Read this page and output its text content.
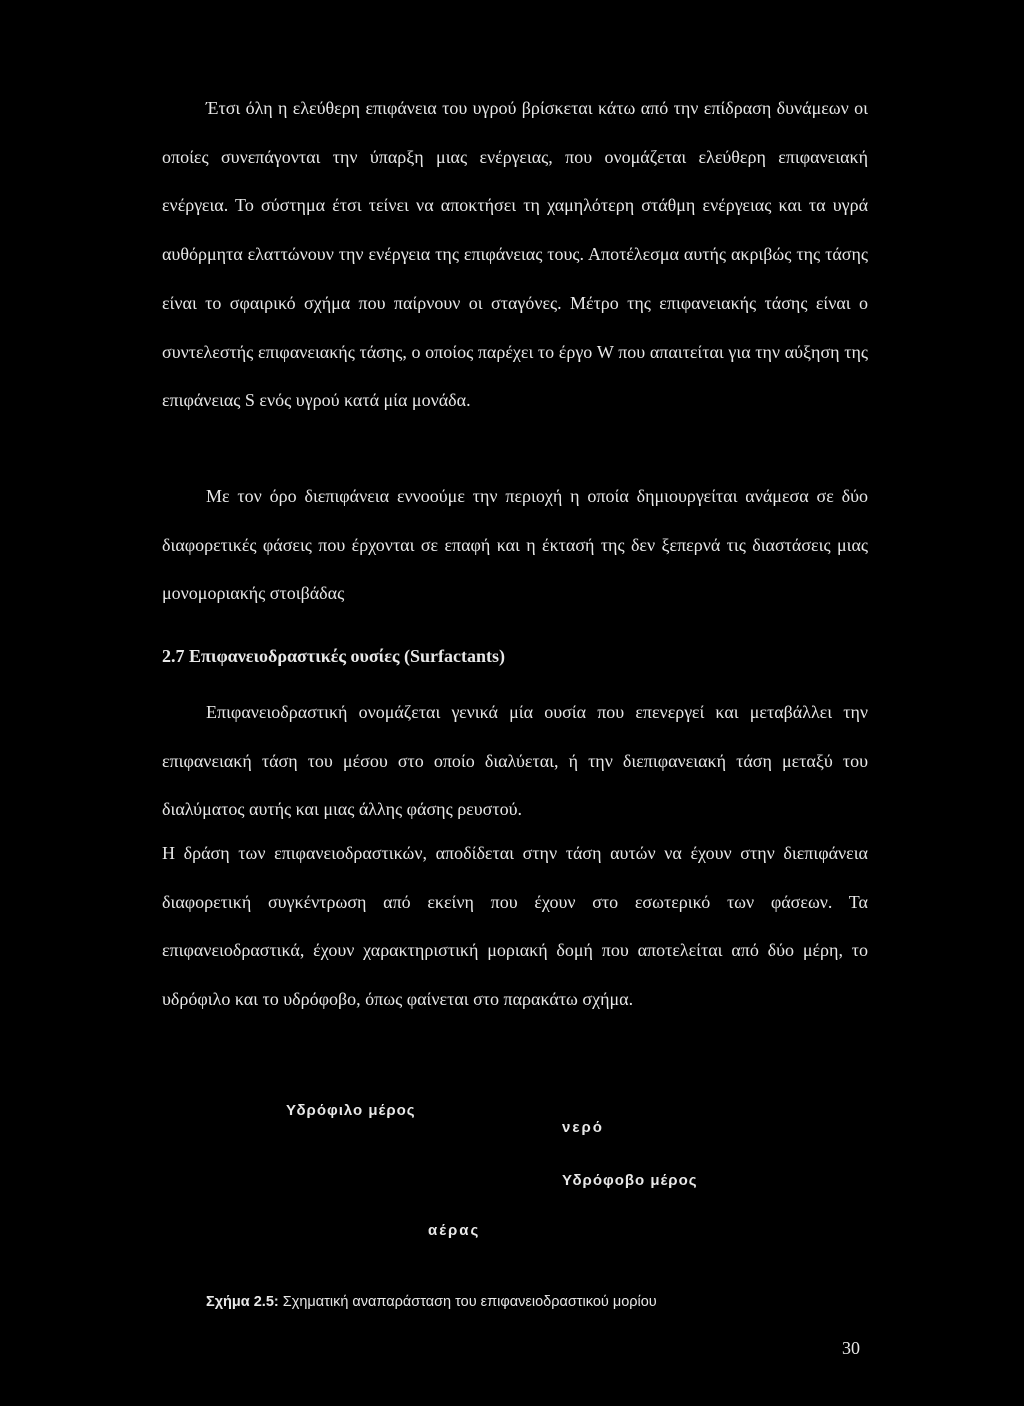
Έτσι όλη η ελεύθερη επιφάνεια του υγρού βρίσκεται κάτω από την επίδραση δυνάμεων οι οποίες συνεπάγονται την ύπαρξη μιας ενέργειας, που ονομάζεται ελεύθερη επιφανειακή ενέργεια. Το σύστημα έτσι τείνει να αποκτήσει τη χαμηλότερη στάθμη ενέργειας και τα υγρά αυθόρμητα ελαττώνουν την ενέργεια της επιφάνειας τους. Αποτέλεσμα αυτής ακριβώς της τάσης είναι το σφαιρικό σχήμα που παίρνουν οι σταγόνες. Μέτρο της επιφανειακής τάσης είναι ο συντελεστής επιφανειακής τάσης, ο οποίος παρέχει το έργο W που απαιτείται για την αύξηση της επιφάνειας S ενός υγρού κατά μία μονάδα.

Με τον όρο διεπιφάνεια εννοούμε την περιοχή η οποία δημιουργείται ανάμεσα σε δύο διαφορετικές φάσεις που έρχονται σε επαφή και η έκτασή της δεν ξεπερνά τις διαστάσεις μιας μονομοριακής στοιβάδας

2.7 Επιφανειοδραστικές ουσίες (Surfactants)

Επιφανειοδραστική ονομάζεται γενικά μία ουσία που επενεργεί και μεταβάλλει την επιφανειακή τάση του μέσου στο οποίο διαλύεται, ή την διεπιφανειακή τάση μεταξύ του διαλύματος αυτής και μιας άλλης φάσης ρευστού.

Η δράση των επιφανειοδραστικών, αποδίδεται στην τάση αυτών να έχουν στην διεπιφάνεια διαφορετική συγκέντρωση από εκείνη που έχουν στο εσωτερικό των φάσεων. Τα επιφανειοδραστικά, έχουν χαρακτηριστική μοριακή δομή που αποτελείται από δύο μέρη, το υδρόφιλο και το υδρόφοβο, όπως φαίνεται στο παρακάτω σχήμα.

Υδρόφιλο μέρος
νερό
Υδρόφοβο μέρος
αέρας

Σχήμα 2.5: Σχηματική αναπαράσταση του επιφανειοδραστικού μορίου

30
